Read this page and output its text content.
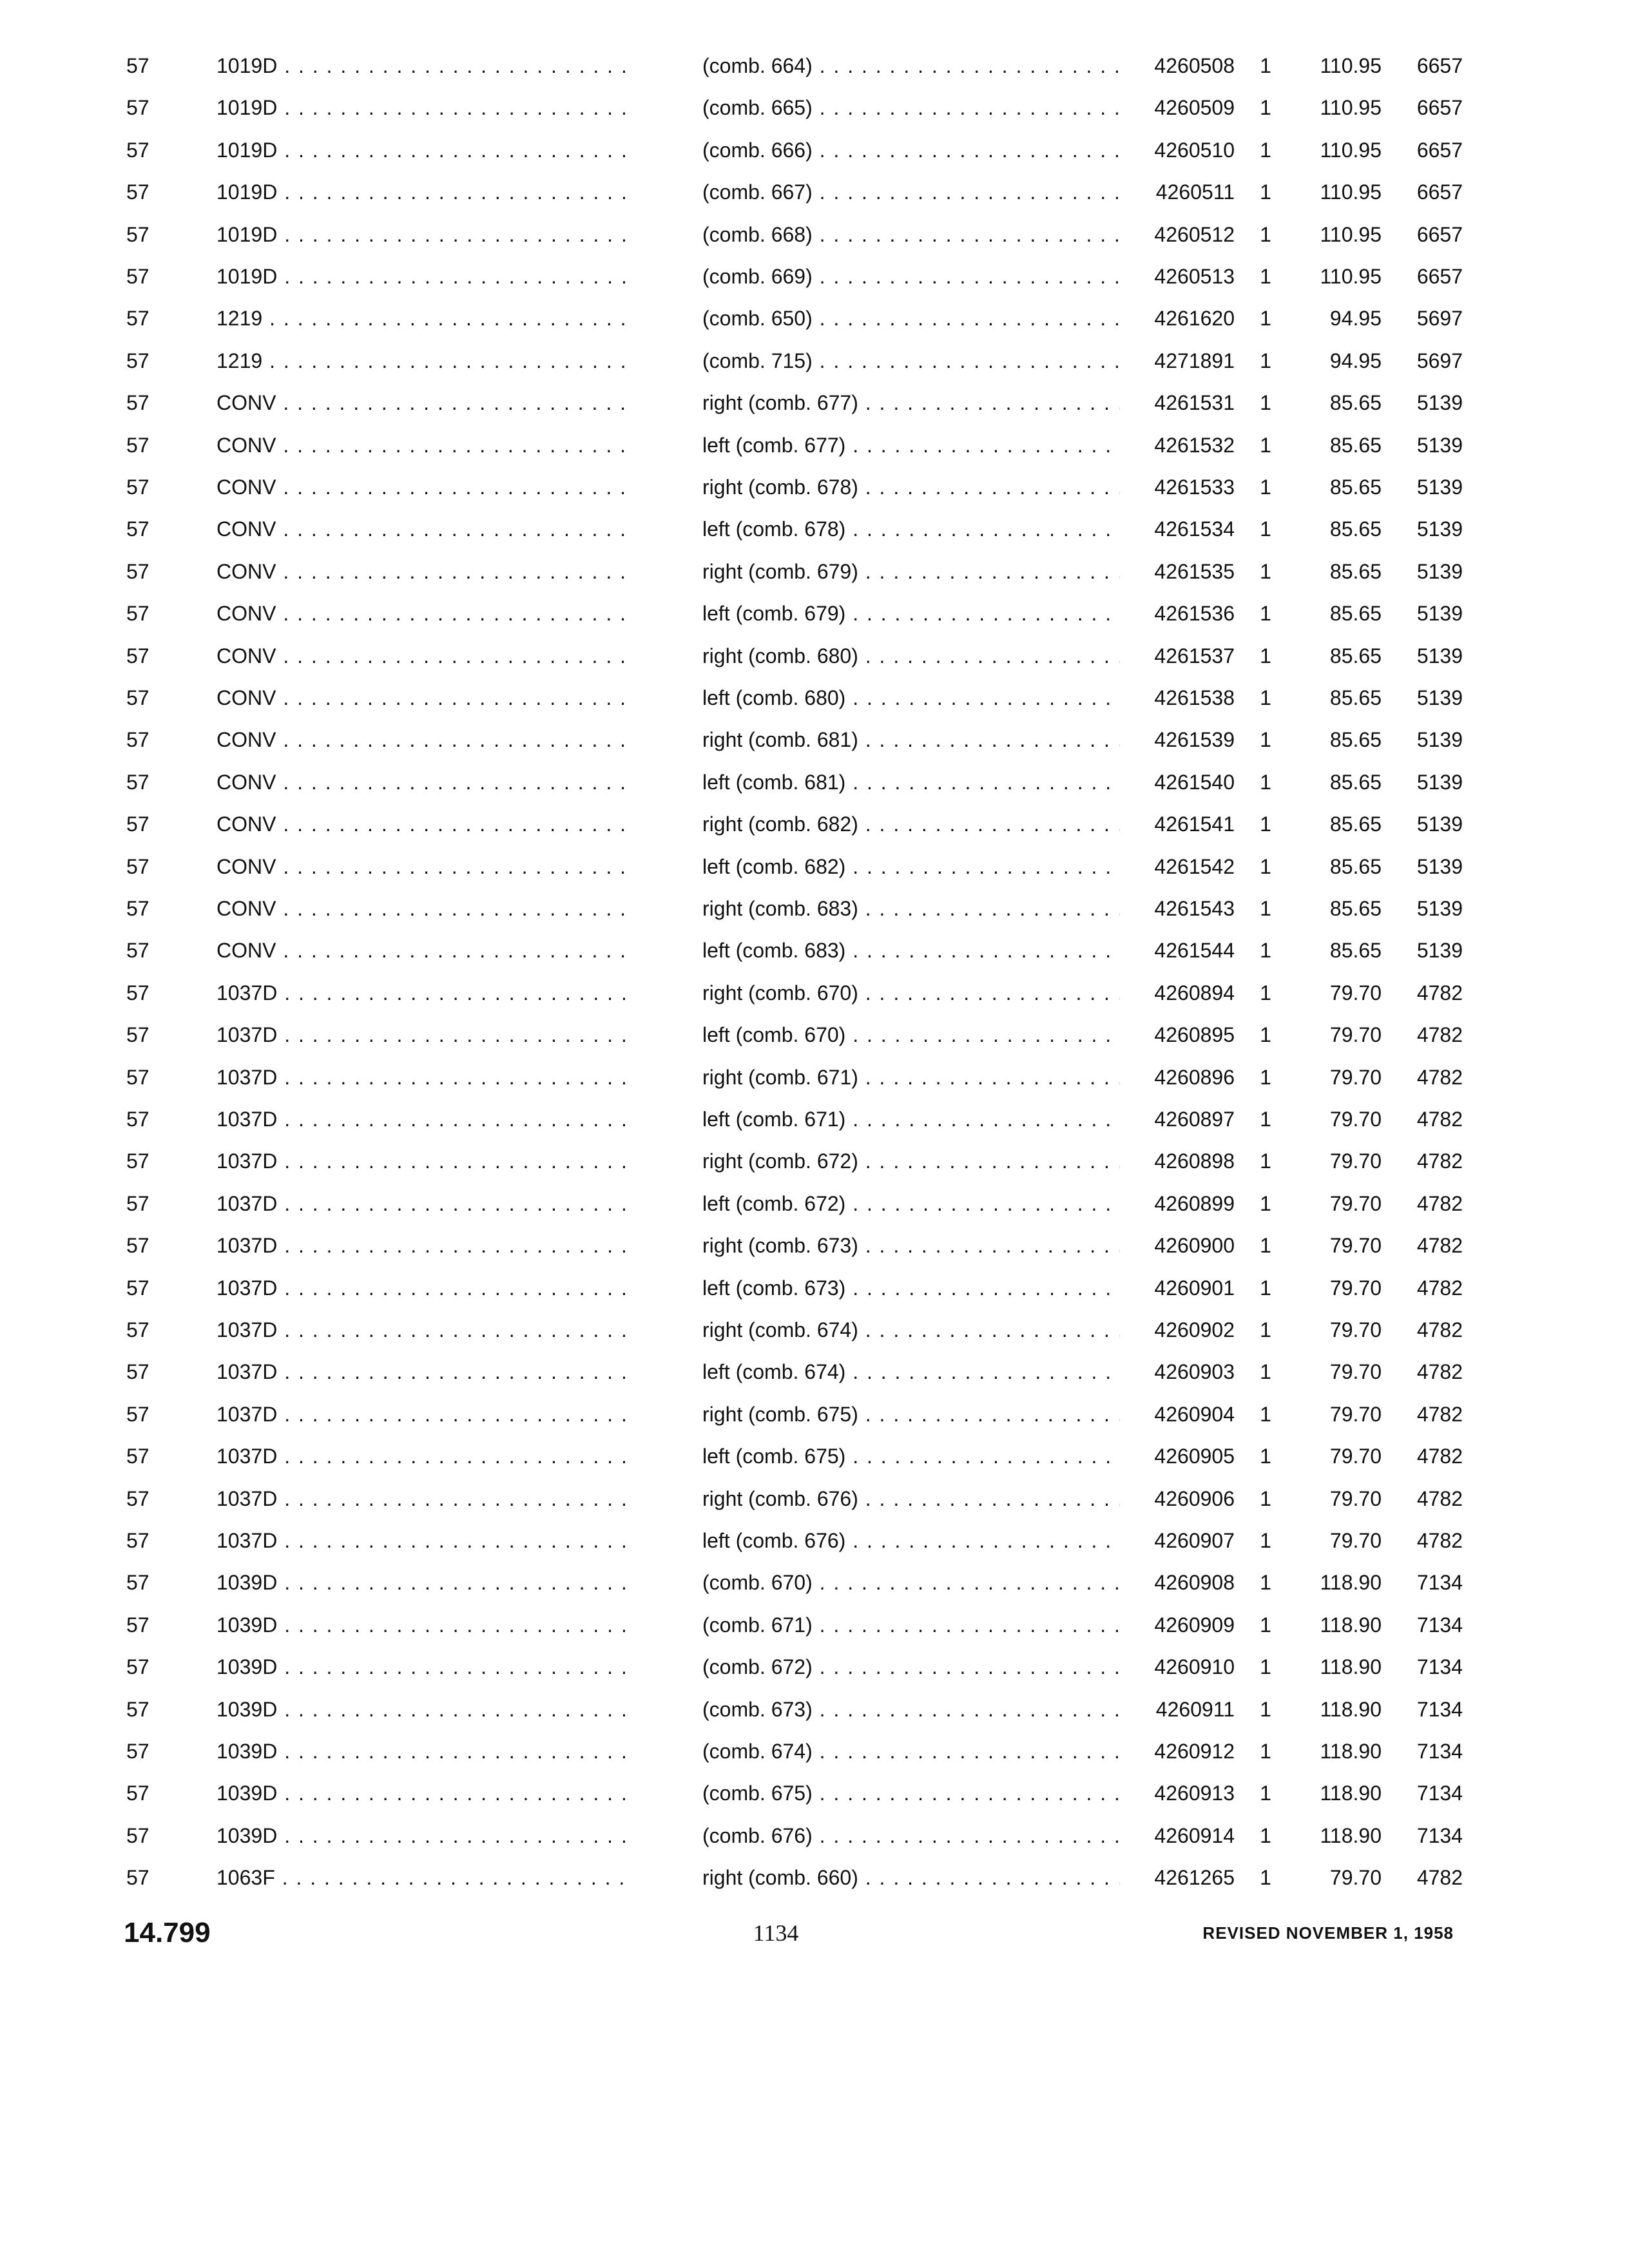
57	1019D . . .	(comb. 664) . . .	4260508	1	110.95	6657
57	1019D . . .	(comb. 665) . . .	4260509	1	110.95	6657
57	1019D . . .	(comb. 666) . . .	4260510	1	110.95	6657
57	1019D . . .	(comb. 667) . . .	4260511	1	110.95	6657
57	1019D . . .	(comb. 668) . . .	4260512	1	110.95	6657
57	1019D . . .	(comb. 669) . . .	4260513	1	110.95	6657
57	1219 . . .	(comb. 650) . . .	4261620	1	94.95	5697
57	1219 . . .	(comb. 715) . . .	4271891	1	94.95	5697
57	CONV . . .	right (comb. 677) . . .	4261531	1	85.65	5139
57	CONV . . .	left (comb. 677) . . .	4261532	1	85.65	5139
57	CONV . . .	right (comb. 678) . . .	4261533	1	85.65	5139
57	CONV . . .	left (comb. 678) . . .	4261534	1	85.65	5139
57	CONV . . .	right (comb. 679) . . .	4261535	1	85.65	5139
57	CONV . . .	left (comb. 679) . . .	4261536	1	85.65	5139
57	CONV . . .	right (comb. 680) . . .	4261537	1	85.65	5139
57	CONV . . .	left (comb. 680) . . .	4261538	1	85.65	5139
57	CONV . . .	right (comb. 681) . . .	4261539	1	85.65	5139
57	CONV . . .	left (comb. 681) . . .	4261540	1	85.65	5139
57	CONV . . .	right (comb. 682) . . .	4261541	1	85.65	5139
57	CONV . . .	left (comb. 682) . . .	4261542	1	85.65	5139
57	CONV . . .	right (comb. 683) . . .	4261543	1	85.65	5139
57	CONV . . .	left (comb. 683) . . .	4261544	1	85.65	5139
57	1037D . . .	right (comb. 670) . . .	4260894	1	79.70	4782
57	1037D . . .	left (comb. 670) . . .	4260895	1	79.70	4782
57	1037D . . .	right (comb. 671) . . .	4260896	1	79.70	4782
57	1037D . . .	left (comb. 671) . . .	4260897	1	79.70	4782
57	1037D . . .	right (comb. 672) . . .	4260898	1	79.70	4782
57	1037D . . .	left (comb. 672) . . .	4260899	1	79.70	4782
57	1037D . . .	right (comb. 673) . . .	4260900	1	79.70	4782
57	1037D . . .	left (comb. 673) . . .	4260901	1	79.70	4782
57	1037D . . .	right (comb. 674) . . .	4260902	1	79.70	4782
57	1037D . . .	left (comb. 674) . . .	4260903	1	79.70	4782
57	1037D . . .	right (comb. 675) . . .	4260904	1	79.70	4782
57	1037D . . .	left (comb. 675) . . .	4260905	1	79.70	4782
57	1037D . . .	right (comb. 676) . . .	4260906	1	79.70	4782
57	1037D . . .	left (comb. 676) . . .	4260907	1	79.70	4782
57	1039D . . .	(comb. 670) . . .	4260908	1	118.90	7134
57	1039D . . .	(comb. 671) . . .	4260909	1	118.90	7134
57	1039D . . .	(comb. 672) . . .	4260910	1	118.90	7134
57	1039D . . .	(comb. 673) . . .	4260911	1	118.90	7134
57	1039D . . .	(comb. 674) . . .	4260912	1	118.90	7134
57	1039D . . .	(comb. 675) . . .	4260913	1	118.90	7134
57	1039D . . .	(comb. 676) . . .	4260914	1	118.90	7134
57	1063F . . .	right (comb. 660) . . .	4261265	1	79.70	4782
14.799	1134	REVISED NOVEMBER 1, 1958
